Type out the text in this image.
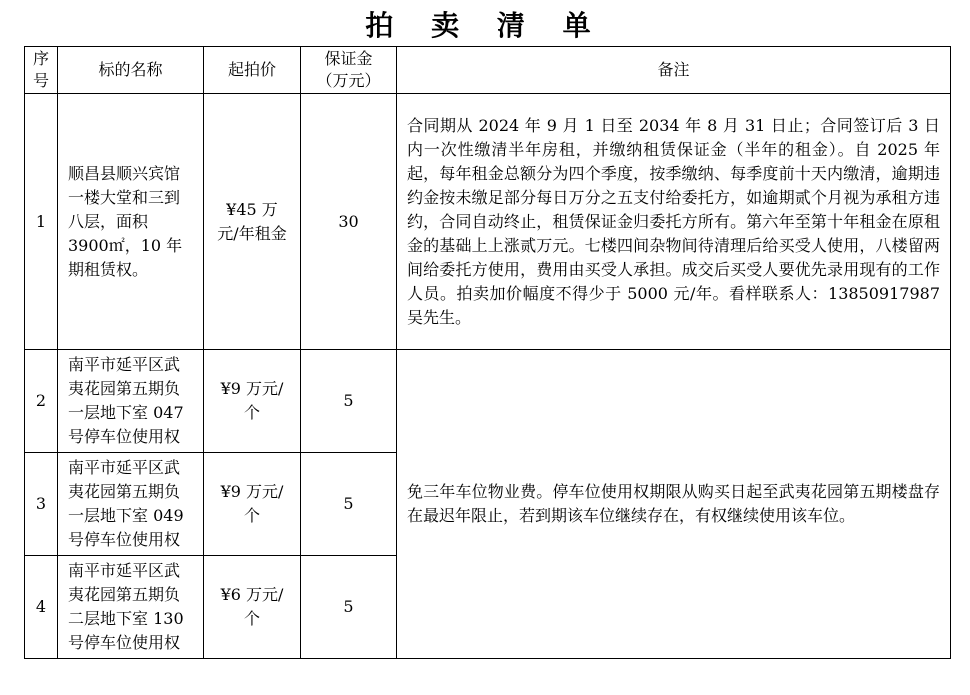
拍 卖 清 单
序号	标的名称	起拍价	保证金（万元）	备注
1	顺昌县顺兴宾馆一楼大堂和三到八层，面积 3900㎡，10 年期租赁权。	¥45 万元/年租金	30	合同期从 2024 年 9 月 1 日至 2034 年 8 月 31 日止；合同签订后 3 日内一次性缴清半年房租，并缴纳租赁保证金（半年的租金）。自 2025 年起，每年租金总额分为四个季度，按季缴纳、每季度前十天内缴清，逾期违约金按未缴足部分每日万分之五支付给委托方，如逾期贰个月视为承租方违约，合同自动终止，租赁保证金归委托方所有。第六年至第十年租金在原租金的基础上上涨贰万元。七楼四间杂物间待清理后给买受人使用，八楼留两间给委托方使用，费用由买受人承担。成交后买受人要优先录用现有的工作人员。拍卖加价幅度不得少于 5000 元/年。看样联系人：13850917987 吴先生。
2	南平市延平区武夷花园第五期负一层地下室 047 号停车位使用权	¥9 万元/个	5	免三年车位物业费。停车位使用权期限从购买日起至武夷花园第五期楼盘存在最迟年限止，若到期该车位继续存在，有权继续使用该车位。
3	南平市延平区武夷花园第五期负一层地下室 049 号停车位使用权	¥9 万元/个	5	
4	南平市延平区武夷花园第五期负二层地下室 130 号停车位使用权	¥6 万元/个	5	
